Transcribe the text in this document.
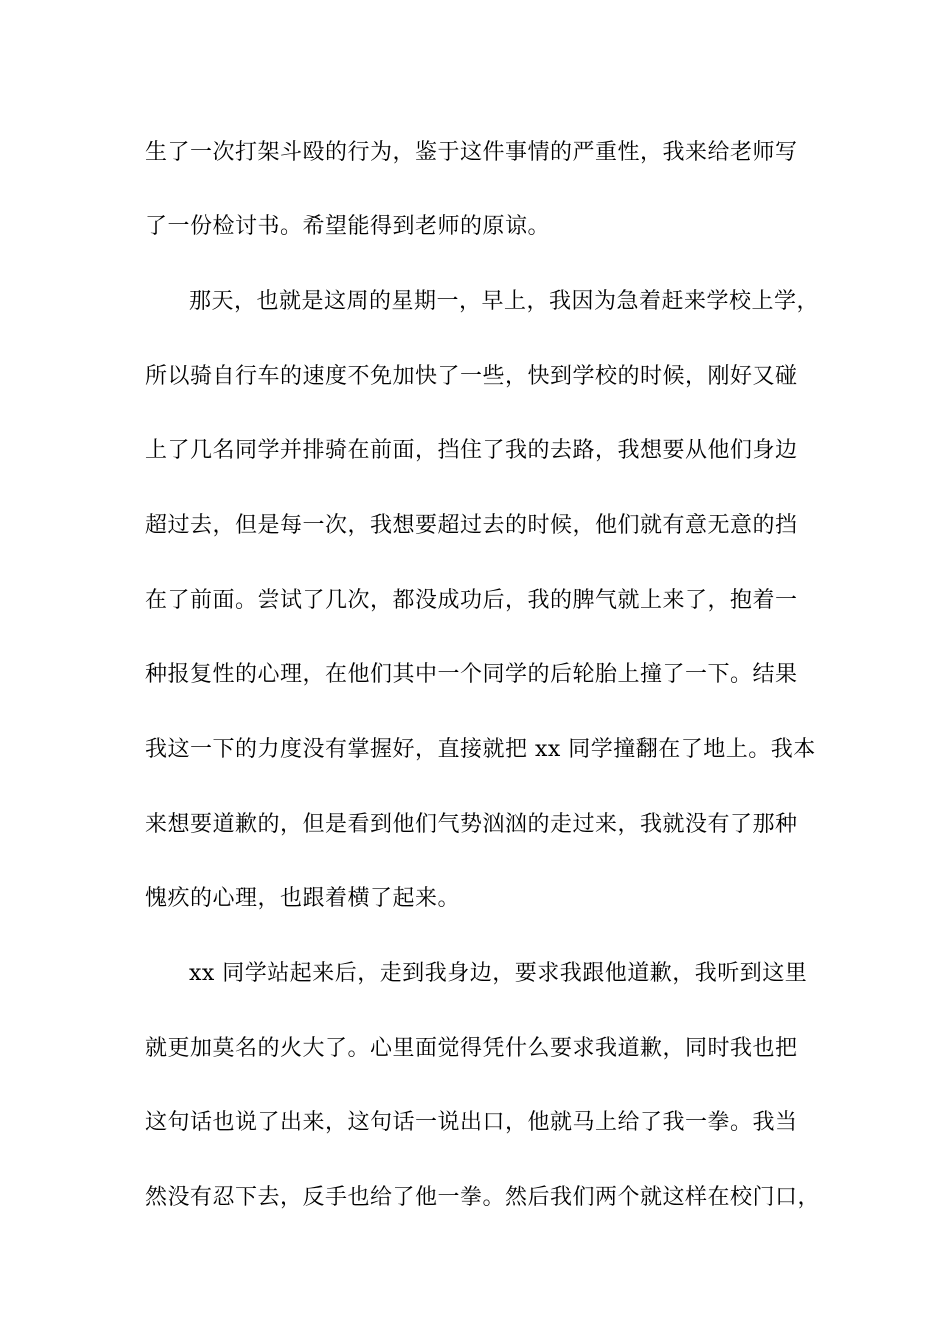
生了一次打架斗殴的行为，鉴于这件事情的严重性，我来给老师写
了一份检讨书。希望能得到老师的原谅。
那天，也就是这周的星期一，早上，我因为急着赶来学校上学，
所以骑自行车的速度不免加快了一些，快到学校的时候，刚好又碰
上了几名同学并排骑在前面，挡住了我的去路，我想要从他们身边
超过去，但是每一次，我想要超过去的时候，他们就有意无意的挡
在了前面。尝试了几次，都没成功后，我的脾气就上来了，抱着一
种报复性的心理，在他们其中一个同学的后轮胎上撞了一下。结果
我这一下的力度没有掌握好，直接就把 xx 同学撞翻在了地上。我本
来想要道歉的，但是看到他们气势汹汹的走过来，我就没有了那种
愧疚的心理，也跟着横了起来。
xx 同学站起来后，走到我身边，要求我跟他道歉，我听到这里
就更加莫名的火大了。心里面觉得凭什么要求我道歉，同时我也把
这句话也说了出来，这句话一说出口，他就马上给了我一拳。我当
然没有忍下去，反手也给了他一拳。然后我们两个就这样在校门口，
